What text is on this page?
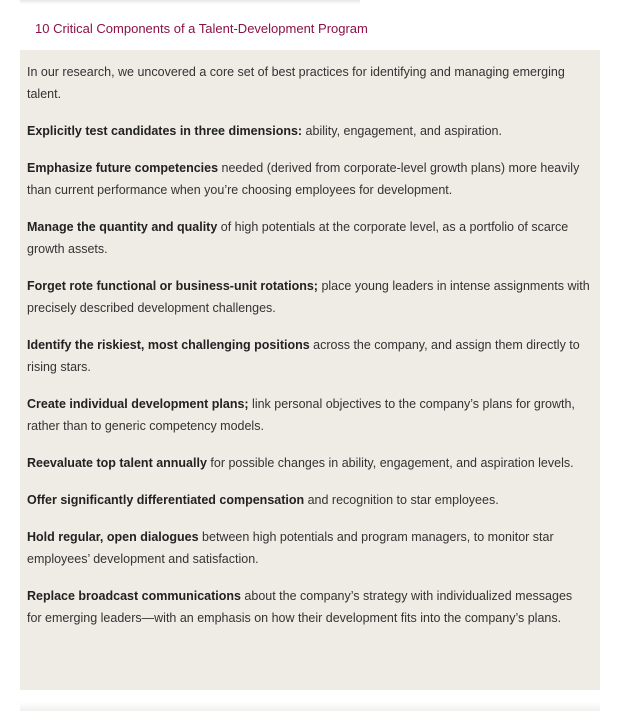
10 Critical Components of a Talent-Development Program

In our research, we uncovered a core set of best practices for identifying and managing emerging talent.

Explicitly test candidates in three dimensions: ability, engagement, and aspiration.

Emphasize future competencies needed (derived from corporate-level growth plans) more heavily than current performance when you’re choosing employees for development.

Manage the quantity and quality of high potentials at the corporate level, as a portfolio of scarce growth assets.

Forget rote functional or business-unit rotations; place young leaders in intense assignments with precisely described development challenges.

Identify the riskiest, most challenging positions across the company, and assign them directly to rising stars.

Create individual development plans; link personal objectives to the company’s plans for growth, rather than to generic competency models.

Reevaluate top talent annually for possible changes in ability, engagement, and aspiration levels.

Offer significantly differentiated compensation and recognition to star employees.

Hold regular, open dialogues between high potentials and program managers, to monitor star employees’ development and satisfaction.

Replace broadcast communications about the company’s strategy with individualized messages for emerging leaders—with an emphasis on how their development fits into the company’s plans.
